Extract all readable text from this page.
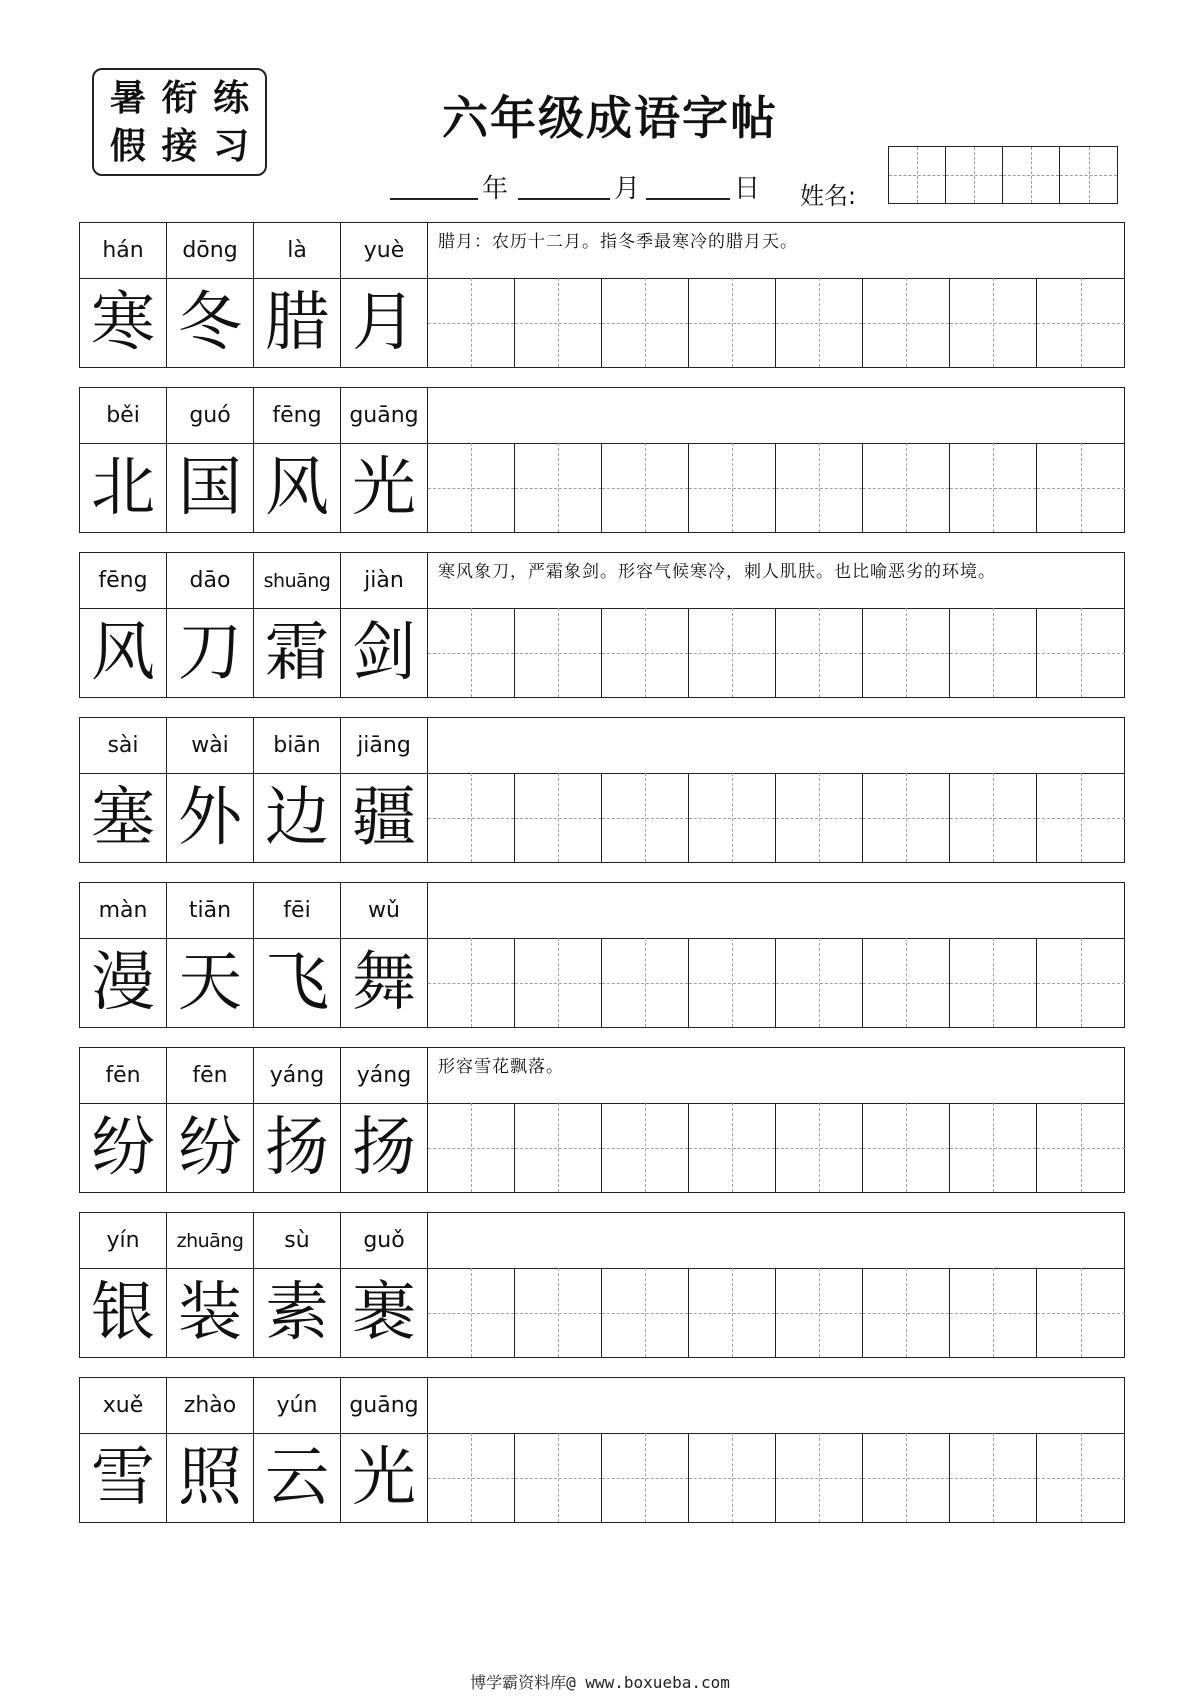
暑 衔 练
假 接 习
六年级成语字帖
年	月	日 姓名:
hán	dōng	là	yuè	腊月：农历十二月。指冬季最寒冷的腊月天。
寒 冬 腊 月
běi	guó	fēng	guāng
北 国 风 光
fēng	dāo	shuāng	jiàn	寒风象刀，严霜象剑。形容气候寒冷，刺人肌肤。也比喻恶劣的环境。
风 刀 霜 剑
sài	wài	biān	jiāng
塞 外 边 疆
màn	tiān	fēi	wǔ
漫 天 飞 舞
fēn	fēn	yáng	yáng	形容雪花飘落。
纷 纷 扬 扬
yín	zhuāng	sù	guǒ
银 装 素 裹
xuě	zhào	yún	guāng
雪 照 云 光
博学霸资料库@ www.boxueba.com
